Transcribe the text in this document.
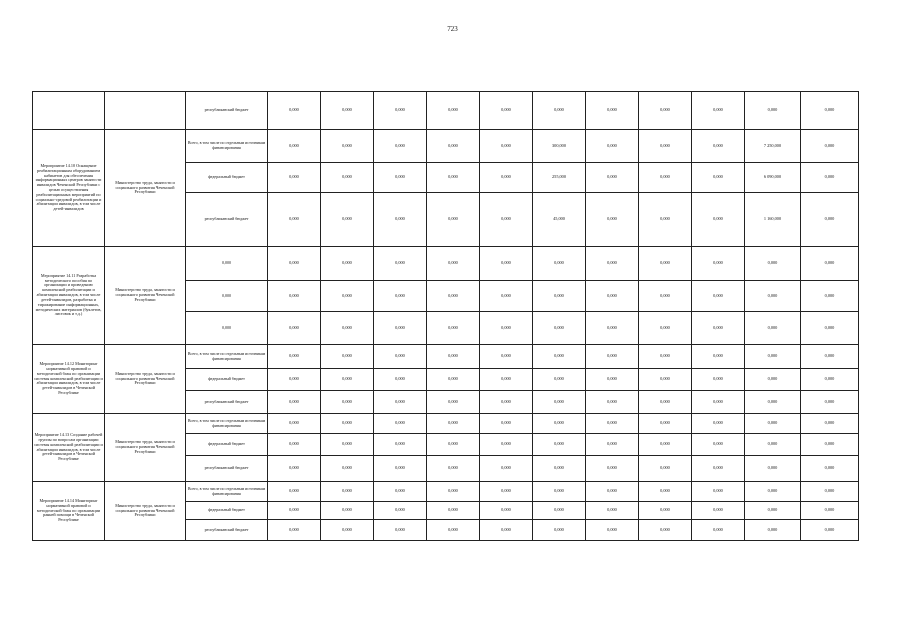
723
		республиканский бюджет	0,000	0,000	0,000	0,000	0,000	0,000	0,000	0,000	0,000	0,000	0,000
Мероприятие 14.10 Оснащение реабилитационным оборудованием кабинетов для обеспечения информационных центров занятости инвалидов Чеченской Республики с целью осуществления реабилитационных мероприятий по социально-средовой реабилитации и абилитации инвалидов, в том числе детей-инвалидов	Министерство труда, занятости и социального развития Чеченской Республики	Всего, в том числе по отдельным источникам финансирования	0,000	0,000	0,000	0,000	0,000	300,000	0,000	0,000	0,000	7 250,000	0,000
		федеральный бюджет	0,000	0,000	0,000	0,000	0,000	255,000	0,000	0,000	0,000	6 090,000	0,000
		республиканский бюджет	0,000	0,000	0,000	0,000	0,000	45,000	0,000	0,000	0,000	1 160,000	0,000
Мероприятие 14.11 Разработка методического пособия по организации и проведению комплексной реабилитации и абилитации инвалидов, в том числе детей-инвалидов, разработка и тиражирование информационных, методических материалов (буклетов, листовок и т.д.)	Министерство труда, занятости и социального развития Чеченской Республики	0,000	0,000	0,000	0,000	0,000	0,000	0,000	0,000	0,000	0,000	0,000	0,000
		0,000	0,000	0,000	0,000	0,000	0,000	0,000	0,000	0,000	0,000	0,000	0,000
		0,000	0,000	0,000	0,000	0,000	0,000	0,000	0,000	0,000	0,000	0,000	0,000
Мероприятие 14.12 Мониторинг нормативной правовой и методической базы по организации системы комплексной реабилитации и абилитации инвалидов, в том числе детей-инвалидов в Чеченской Республике	Министерство труда, занятости и социального развития Чеченской Республики	Всего, в том числе по отдельным источникам финансирования	0,000	0,000	0,000	0,000	0,000	0,000	0,000	0,000	0,000	0,000	0,000
		федеральный бюджет	0,000	0,000	0,000	0,000	0,000	0,000	0,000	0,000	0,000	0,000	0,000
		республиканский бюджет	0,000	0,000	0,000	0,000	0,000	0,000	0,000	0,000	0,000	0,000	0,000
Мероприятие 14.13 Создание рабочей группы по вопросам организации системы комплексной реабилитации и абилитации инвалидов, в том числе детей-инвалидов в Чеченской Республике	Министерство труда, занятости и социального развития Чеченской Республики	Всего, в том числе по отдельным источникам финансирования	0,000	0,000	0,000	0,000	0,000	0,000	0,000	0,000	0,000	0,000	0,000
		федеральный бюджет	0,000	0,000	0,000	0,000	0,000	0,000	0,000	0,000	0,000	0,000	0,000
		республиканский бюджет	0,000	0,000	0,000	0,000	0,000	0,000	0,000	0,000	0,000	0,000	0,000
Мероприятие 14.14 Мониторинг нормативной правовой и методической базы по организации ранней помощи в Чеченской Республике	Министерство труда, занятости и социального развития Чеченской Республики	Всего, в том числе по отдельным источникам финансирования	0,000	0,000	0,000	0,000	0,000	0,000	0,000	0,000	0,000	0,000	0,000
		федеральный бюджет	0,000	0,000	0,000	0,000	0,000	0,000	0,000	0,000	0,000	0,000	0,000
		республиканский бюджет	0,000	0,000	0,000	0,000	0,000	0,000	0,000	0,000	0,000	0,000	0,000
